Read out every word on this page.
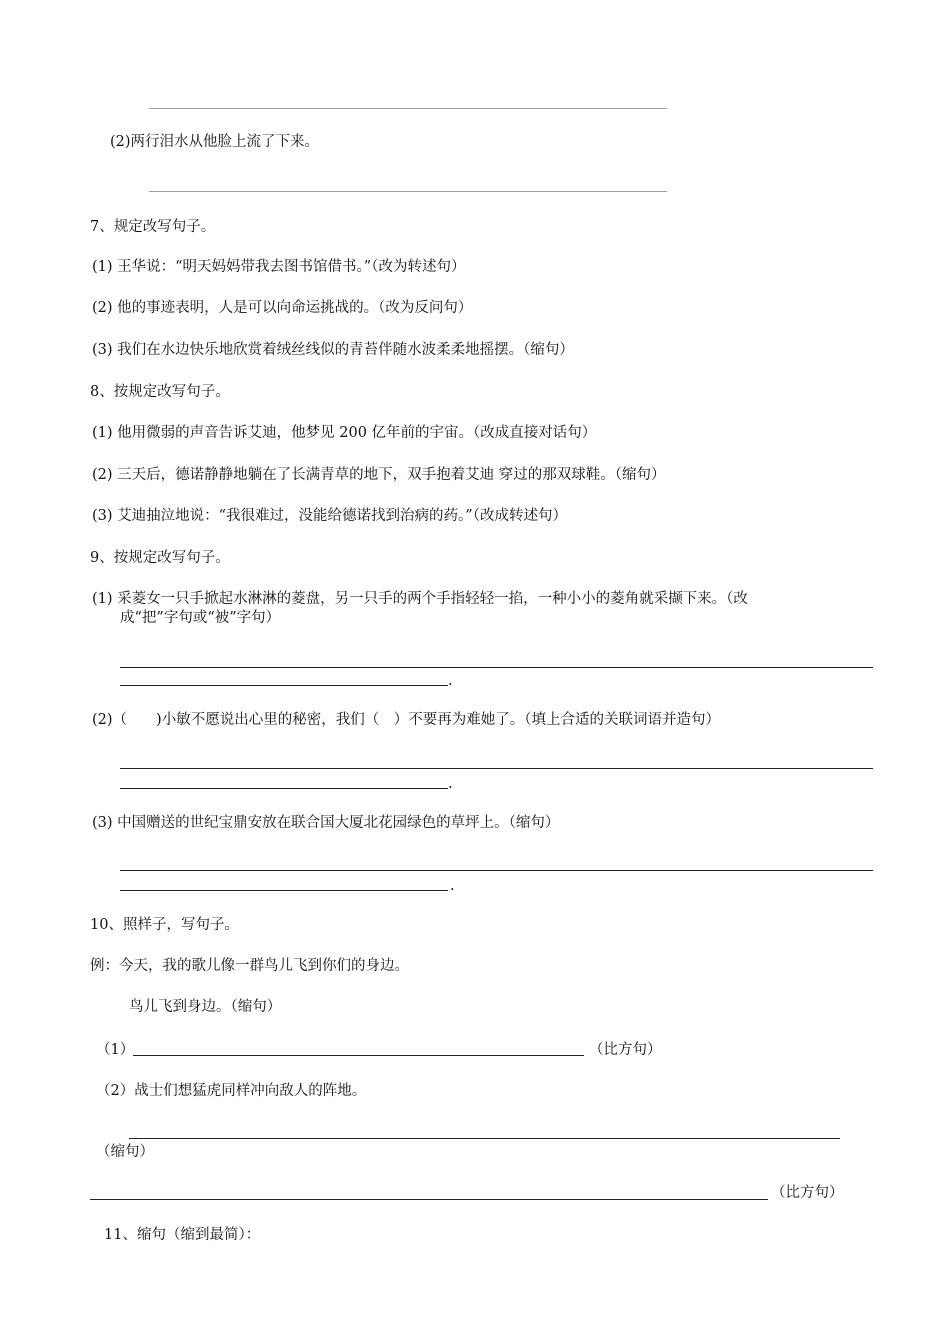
(2)两行泪水从他脸上流了下来。
7、规定改写句子。
(1) 王华说：“明天妈妈带我去图书馆借书。”（改为转述句）
(2) 他的事迹表明，人是可以向命运挑战的。（改为反问句）
(3) 我们在水边快乐地欣赏着绒丝线似的青苔伴随水波柔柔地摇摆。（缩句）
8、按规定改写句子。
(1) 他用微弱的声音告诉艾迪，他梦见 200 亿年前的宇宙。（改成直接对话句）
(2) 三天后，德诺静静地躺在了长满青草的地下，双手抱着艾迪 穿过的那双球鞋。（缩句）
(3) 艾迪抽泣地说：“我很难过，没能给德诺找到治病的药。”（改成转述句）
9、按规定改写句子。
(1) 采菱女一只手掀起水淋淋的菱盘，另一只手的两个手指轻轻一掐，一种小小的菱角就采撷下来。（改
成“把”字句或“被”字句）
.
(2)（　　)小敏不愿说出心里的秘密，我们（　）不要再为难她了。（填上合适的关联词语并造句）
.
(3) 中国赠送的世纪宝鼎安放在联合国大厦北花园绿色的草坪上。（缩句）
.
10、照样子，写句子。
例：今天，我的歌儿像一群鸟儿飞到你们的身边。
鸟儿飞到身边。（缩句）
（1）	（比方句）
（2）战士们想猛虎同样冲向敌人的阵地。
（缩句）
（比方句）
11、缩句（缩到最简）：
